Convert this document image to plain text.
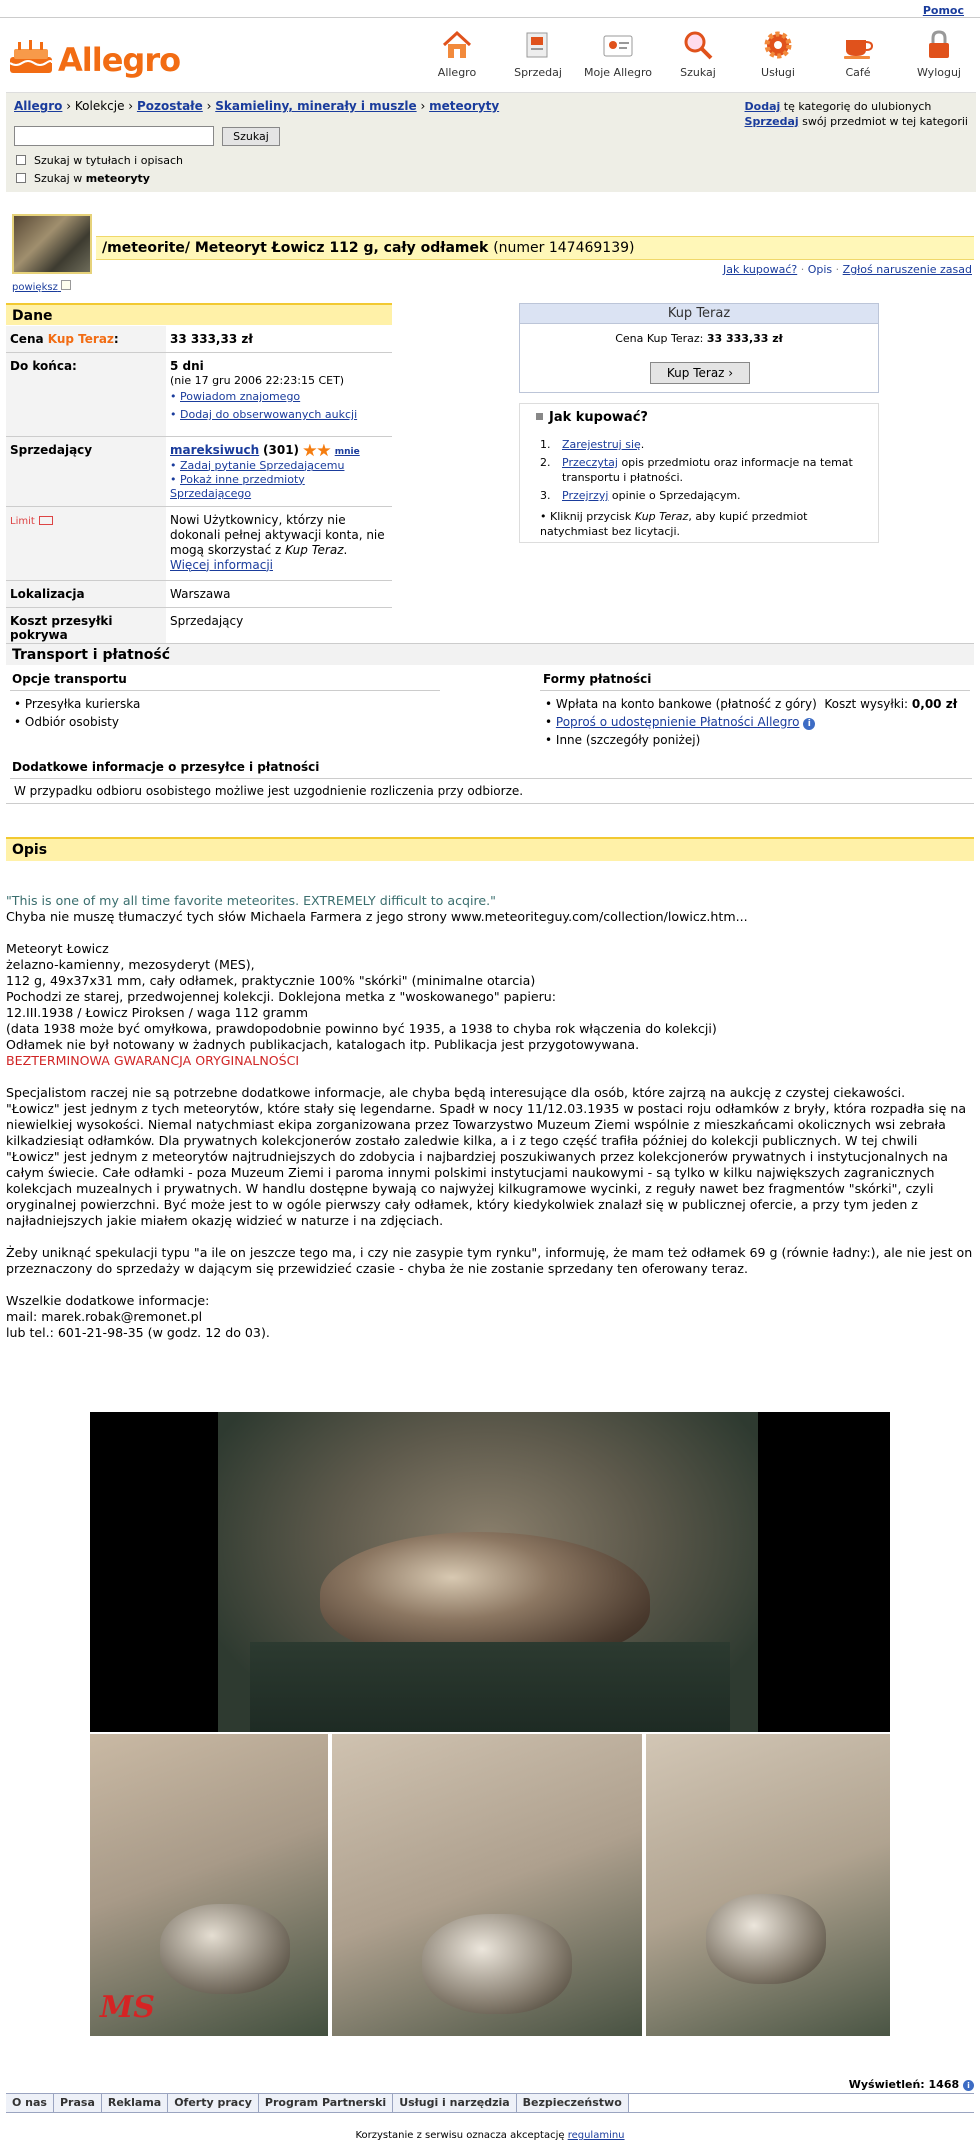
Pomoc
Allegro	Allegro	Sprzedaj	Moje Allegro	Szukaj	Usługi	Café	Wyloguj
Allegro › Kolekcje › Pozostałe › Skamieliny, minerały i muszle › meteoryty	Dodaj tę kategorię do ulubionych
Sprzedaj swój przedmiot w tej kategorii
Szukaj
Szukaj w tytułach i opisach
Szukaj w meteoryty
/meteorite/ Meteoryt Łowicz 112 g, cały odłamek (numer 147469139)
powiększ
Jak kupować? · Opis · Zgłoś naruszenie zasad
Dane
Cena Kup Teraz:	33 333,33 zł
Do końca:	5 dni
(nie 17 gru 2006 22:23:15 CET)
• Powiadom znajomego
• Dodaj do obserwowanych aukcji
Sprzedający	mareksiwuch (301) mnie
• Zadaj pytanie Sprzedającemu
• Pokaż inne przedmioty Sprzedającego
Limit	Nowi Użytkownicy, którzy nie dokonali pełnej aktywacji konta, nie mogą skorzystać z Kup Teraz.
Więcej informacji
Lokalizacja	Warszawa
Koszt przesyłki pokrywa	Sprzedający
Kup Teraz
Cena Kup Teraz: 33 333,33 zł
Kup Teraz ›
Jak kupować?
1. Zarejestruj się.
2. Przeczytaj opis przedmiotu oraz informacje na temat transportu i płatności.
3. Przejrzyj opinie o Sprzedającym.
• Kliknij przycisk Kup Teraz, aby kupić przedmiot natychmiast bez licytacji.
Transport i płatność
Opcje transportu
• Przesyłka kurierska
• Odbiór osobisty
Formy płatności
• Wpłata na konto bankowe (płatność z góry) Koszt wysyłki: 0,00 zł
• Poproś o udostępnienie Płatności Allegro i
• Inne (szczegóły poniżej)
Dodatkowe informacje o przesyłce i płatności
W przypadku odbioru osobistego możliwe jest uzgodnienie rozliczenia przy odbiorze.
Opis

"This is one of my all time favorite meteorites. EXTREMELY difficult to acqire."

Chyba nie muszę tłumaczyć tych słów Michaela Farmera z jego strony www.meteoriteguy.com/collection/lowicz.htm...

Meteoryt Łowicz

żelazno-kamienny, mezosyderyt (MES),

112 g, 49x37x31 mm, cały odłamek, praktycznie 100% "skórki" (minimalne otarcia)

Pochodzi ze starej, przedwojennej kolekcji. Doklejona metka z "woskowanego" papieru:

12.III.1938 / Łowicz Piroksen / waga 112 gramm

(data 1938 może być omyłkowa, prawdopodobnie powinno być 1935, a 1938 to chyba rok włączenia do kolekcji)

Odłamek nie był notowany w żadnych publikacjach, katalogach itp. Publikacja jest przygotowywana.

BEZTERMINOWA GWARANCJA ORYGINALNOŚCI

Specjalistom raczej nie są potrzebne dodatkowe informacje, ale chyba będą interesujące dla osób, które zajrzą na aukcję z czystej ciekawości.

"Łowicz" jest jednym z tych meteorytów, które stały się legendarne. Spadł w nocy 11/12.03.1935 w postaci roju odłamków z bryły, która rozpadła się na niewielkiej wysokości. Niemal natychmiast ekipa zorganizowana przez Towarzystwo Muzeum Ziemi wspólnie z mieszkańcami okolicznych wsi zebrała kilkadziesiąt odłamków. Dla prywatnych kolekcjonerów zostało zaledwie kilka, a i z tego część trafiła później do kolekcji publicznych. W tej chwili "Łowicz" jest jednym z meteorytów najtrudniejszych do zdobycia i najbardziej poszukiwanych przez kolekcjonerów prywatnych i instytucjonalnych na całym świecie. Całe odłamki - poza Muzeum Ziemi i paroma innymi polskimi instytucjami naukowymi - są tylko w kilku największych zagranicznych kolekcjach muzealnych i prywatnych. W handlu dostępne bywają co najwyżej kilkugramowe wycinki, z reguły nawet bez fragmentów "skórki", czyli oryginalnej powierzchni. Być może jest to w ogóle pierwszy cały odłamek, który kiedykolwiek znalazł się w publicznej ofercie, a przy tym jeden z najładniejszych jakie miałem okazję widzieć w naturze i na zdjęciach.

Żeby uniknąć spekulacji typu "a ile on jeszcze tego ma, i czy nie zasypie tym rynku", informuję, że mam też odłamek 69 g (równie ładny:), ale nie jest on przeznaczony do sprzedaży w dającym się przewidzieć czasie - chyba że nie zostanie sprzedany ten oferowany teraz.

Wszelkie dodatkowe informacje:

mail: marek.robak@remonet.pl

lub tel.: 601-21-98-35 (w godz. 12 do 03).

MS
Wyświetleń: 1468 i
O nas Prasa Reklama Oferty pracy Program Partnerski Usługi i narzędzia Bezpieczeństwo
Korzystanie z serwisu oznacza akceptację regulaminu
